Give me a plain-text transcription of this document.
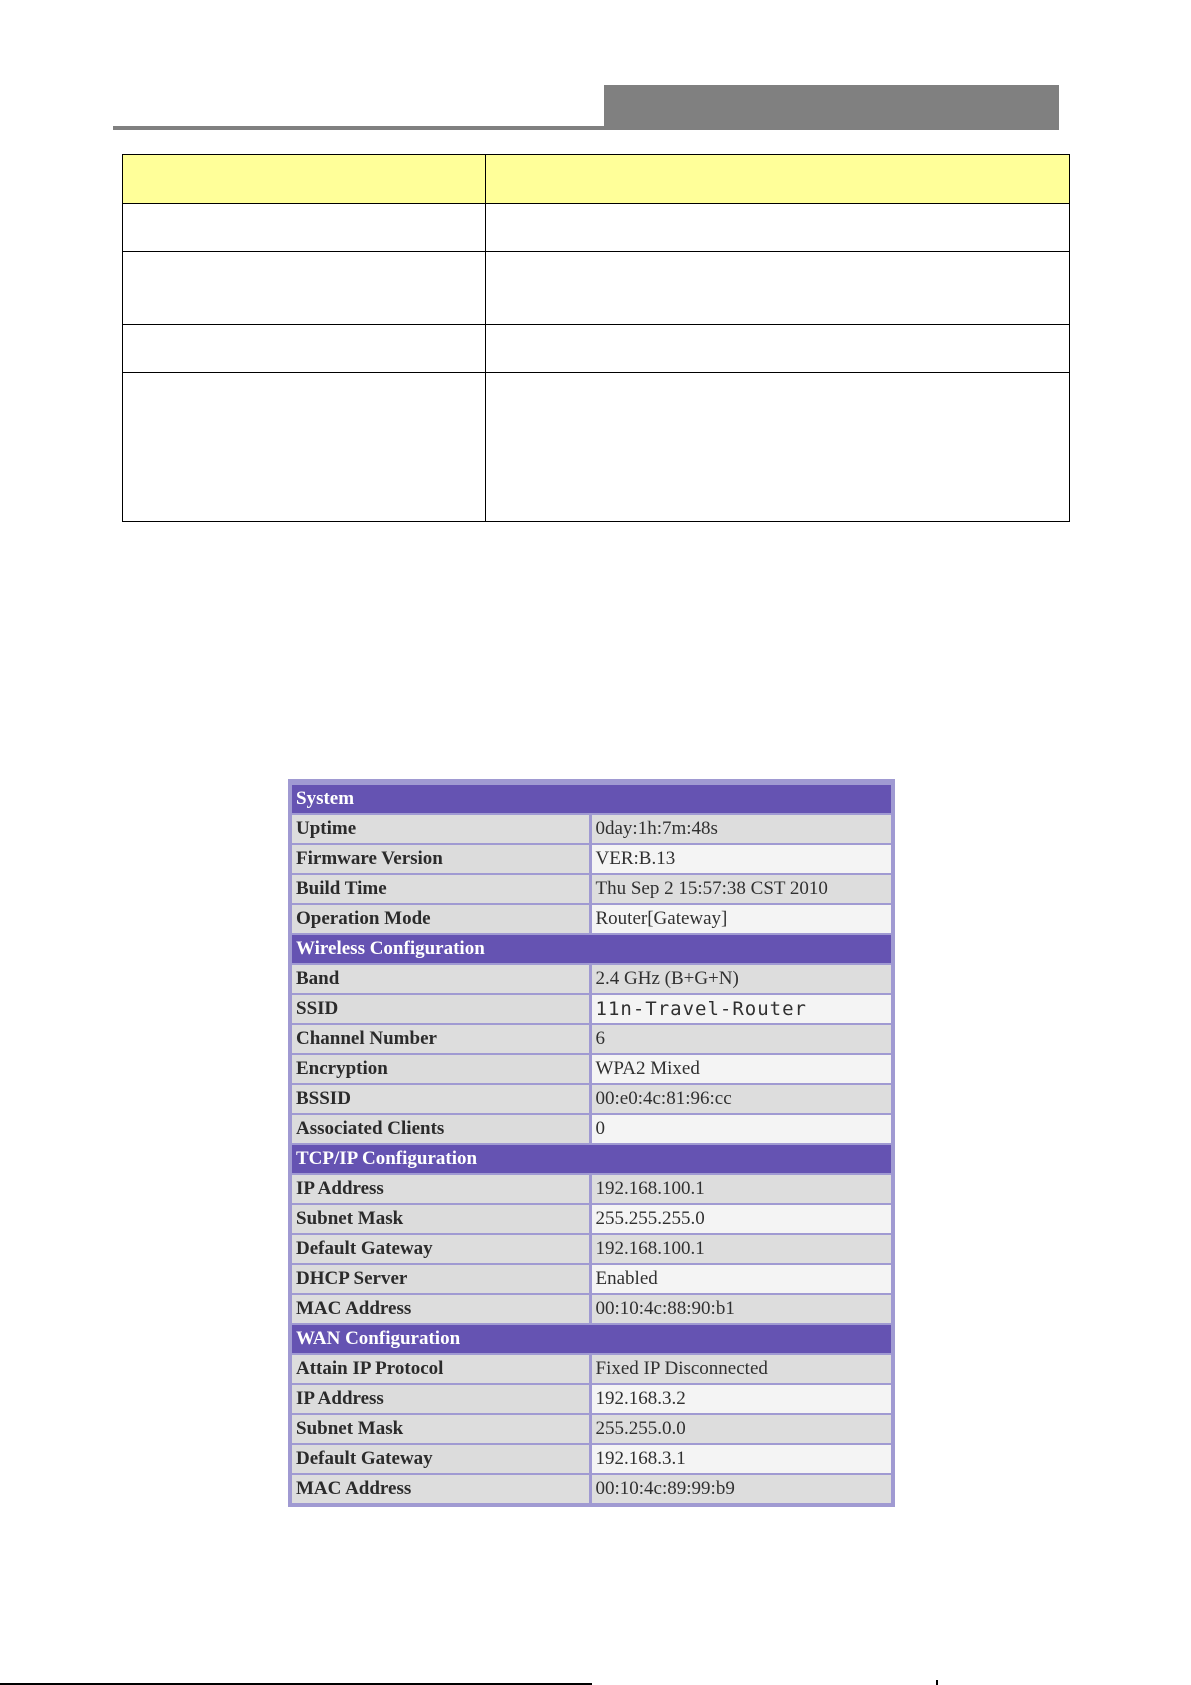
System	
Uptime	0day:1h:7m:48s
Firmware Version	VER:B.13
Build Time	Thu Sep 2 15:57:38 CST 2010
Operation Mode	Router[Gateway]
Wireless Configuration	
Band	2.4 GHz (B+G+N)
SSID	11n-Travel-Router
Channel Number	6
Encryption	WPA2 Mixed
BSSID	00:e0:4c:81:96:cc
Associated Clients	0
TCP/IP Configuration	
IP Address	192.168.100.1
Subnet Mask	255.255.255.0
Default Gateway	192.168.100.1
DHCP Server	Enabled
MAC Address	00:10:4c:88:90:b1
WAN Configuration	
Attain IP Protocol	Fixed IP Disconnected
IP Address	192.168.3.2
Subnet Mask	255.255.0.0
Default Gateway	192.168.3.1
MAC Address	00:10:4c:89:99:b9
